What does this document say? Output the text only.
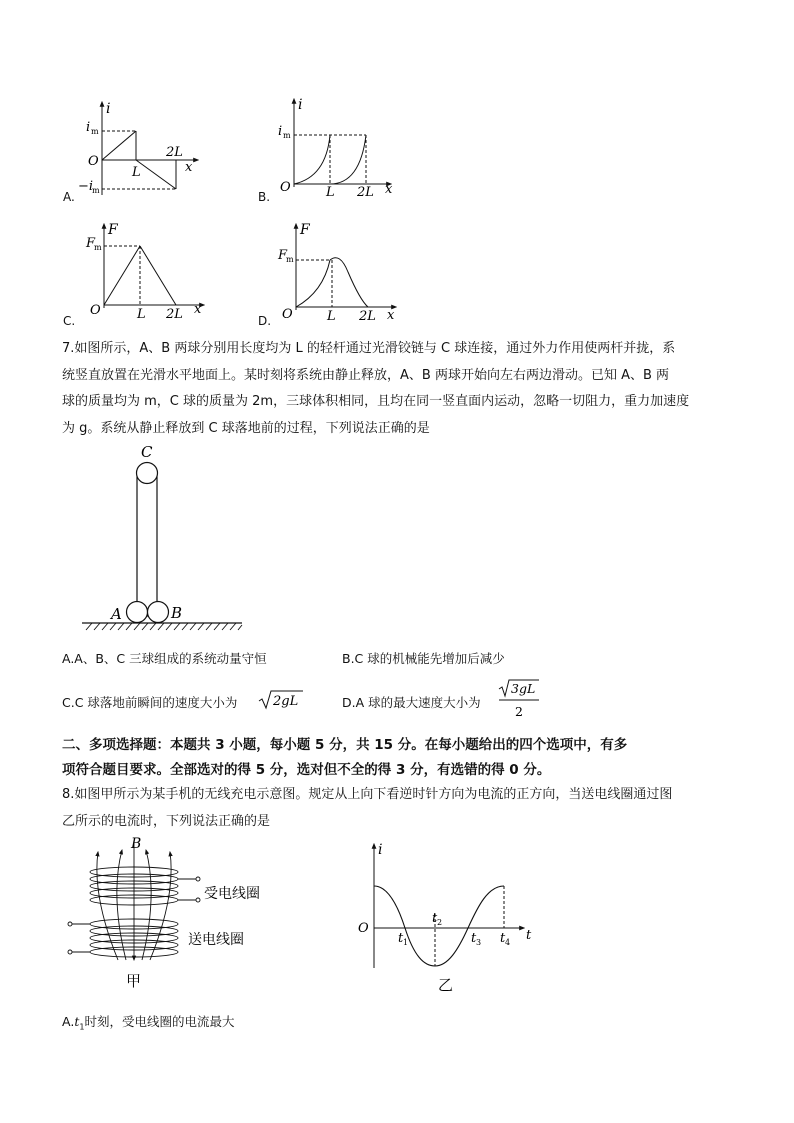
A.
i
O
i m
−i
m
L
2L
x
B.
i
O
i m
L 2L x
C.
F
O
F
m
L 2L x
D.
F
O
F
m
L 2L x
7.如图所示，A、B 两球分别用长度均为 L 的轻杆通过光滑铰链与 C 球连接，通过外力作用使两杆并拢，系
统竖直放置在光滑水平地面上。某时刻将系统由静止释放，A、B 两球开始向左右两边滑动。已知 A、B 两
球的质量均为 m，C 球的质量为 2m，三球体积相同，且均在同一竖直面内运动，忽略一切阻力，重力加速度
为 g。系统从静止释放到 C 球落地前的过程，下列说法正确的是
C
A	B
A.A、B、C 三球组成的系统动量守恒	B.C 球的机械能先增加后减少
C.C 球落地前瞬间的速度大小为	2gL	D.A 球的最大速度大小为
3gL
2
二、多项选择题：本题共 3 小题，每小题 5 分，共 15 分。在每小题给出的四个选项中，有多
项符合题目要求。全部选对的得 5 分，选对但不全的得 3 分，有选错的得 0 分。
8.如图甲所示为某手机的无线充电示意图。规定从上向下看逆时针方向为电流的正方向，当送电线圈通过图
乙所示的电流时，下列说法正确的是
B
受电线圈
送电线圈
甲
i
O	t
t 1
t 2
t 3 t 4
乙
$A.t_1$时刻，受电线圈的电流最大
